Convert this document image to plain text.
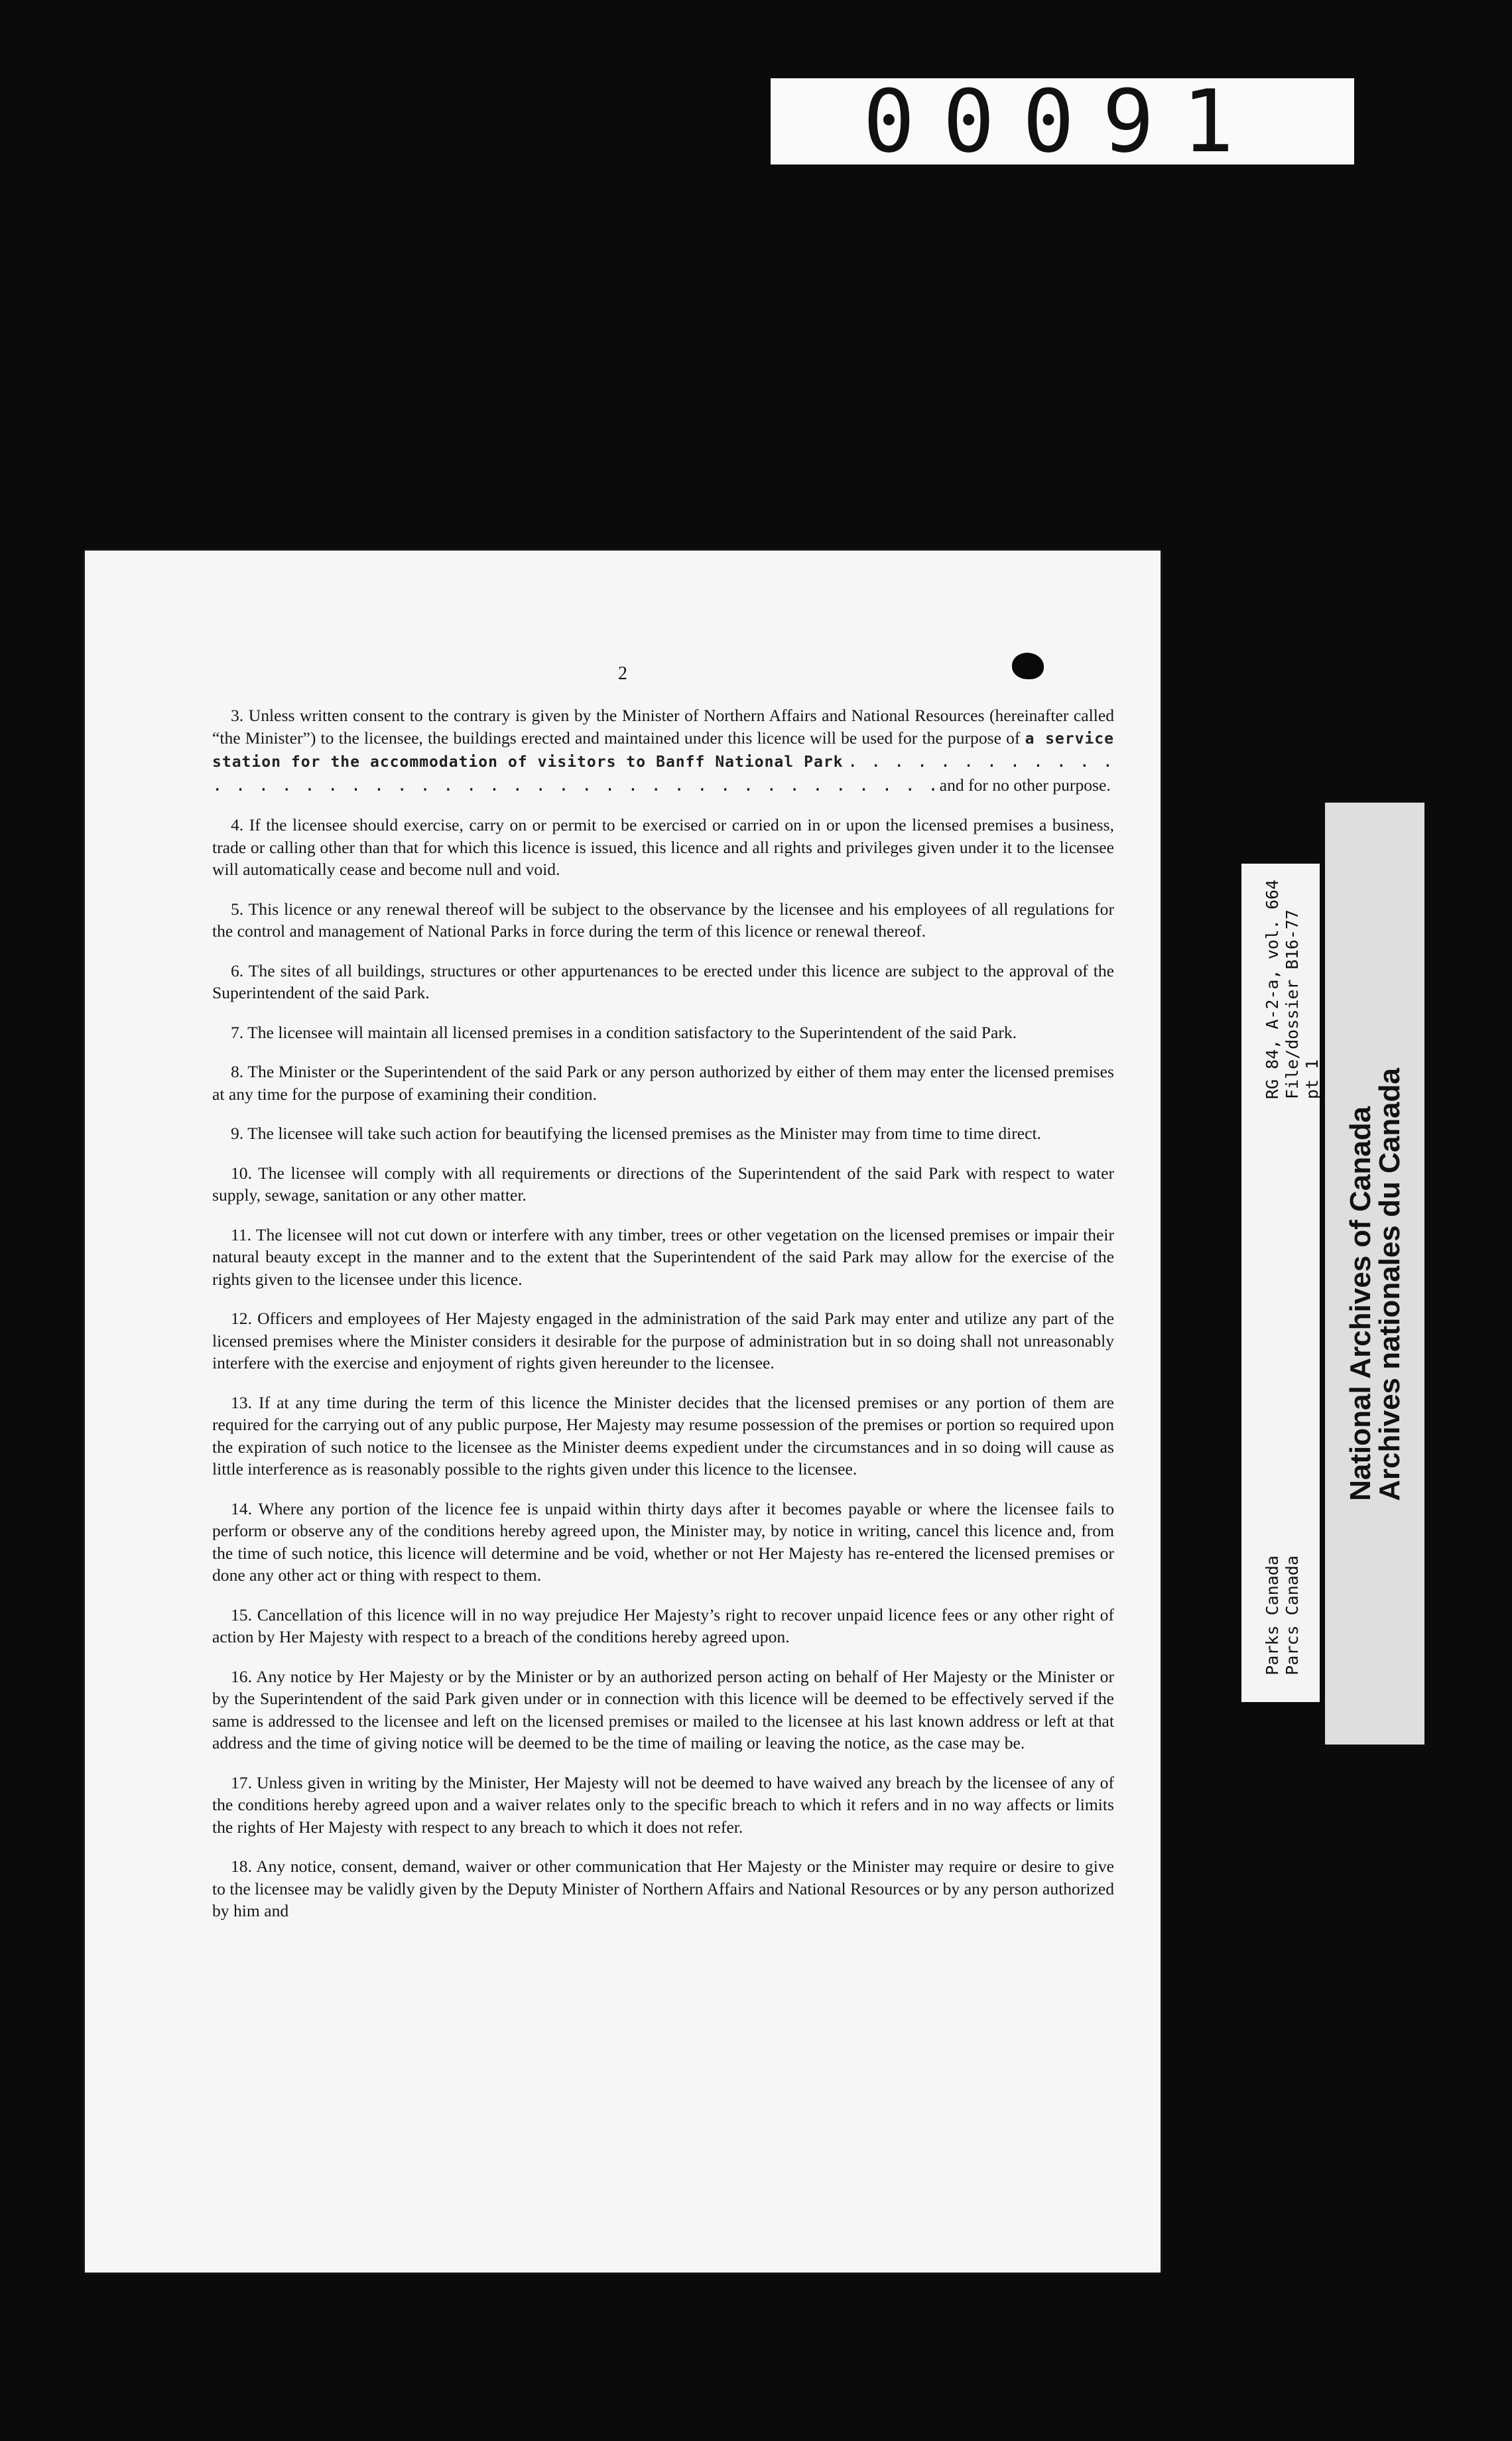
00091
2

3. Unless written consent to the contrary is given by the Minister of Northern Affairs and National Resources (hereinafter called “the Minister”) to the licensee, the buildings erected and maintained under this licence will be used for the purpose of a service station for the accommodation of visitors to Banff National Park . . . . . . . . . . . . . . . . . . . . . . . . . . . . . . . . . . . . . . . . . . . .and for no other purpose.

4. If the licensee should exercise, carry on or permit to be exercised or carried on in or upon the licensed premises a business, trade or calling other than that for which this licence is issued, this licence and all rights and privileges given under it to the licensee will automatically cease and become null and void.

5. This licence or any renewal thereof will be subject to the observance by the licensee and his employees of all regulations for the control and management of National Parks in force during the term of this licence or renewal thereof.

6. The sites of all buildings, structures or other appurtenances to be erected under this licence are subject to the approval of the Superintendent of the said Park.

7. The licensee will maintain all licensed premises in a condition satisfactory to the Superintendent of the said Park.

8. The Minister or the Superintendent of the said Park or any person authorized by either of them may enter the licensed premises at any time for the purpose of examining their condition.

9. The licensee will take such action for beautifying the licensed premises as the Minister may from time to time direct.

10. The licensee will comply with all requirements or directions of the Superintendent of the said Park with respect to water supply, sewage, sanitation or any other matter.

11. The licensee will not cut down or interfere with any timber, trees or other vegetation on the licensed premises or impair their natural beauty except in the manner and to the extent that the Superintendent of the said Park may allow for the exercise of the rights given to the licensee under this licence.

12. Officers and employees of Her Majesty engaged in the administration of the said Park may enter and utilize any part of the licensed premises where the Minister considers it desirable for the purpose of administration but in so doing shall not unreasonably interfere with the exercise and enjoyment of rights given hereunder to the licensee.

13. If at any time during the term of this licence the Minister decides that the licensed premises or any portion of them are required for the carrying out of any public purpose, Her Majesty may resume possession of the premises or portion so required upon the expiration of such notice to the licensee as the Minister deems expedient under the circumstances and in so doing will cause as little interference as is reasonably possible to the rights given under this licence to the licensee.

14. Where any portion of the licence fee is unpaid within thirty days after it becomes payable or where the licensee fails to perform or observe any of the conditions hereby agreed upon, the Minister may, by notice in writing, cancel this licence and, from the time of such notice, this licence will determine and be void, whether or not Her Majesty has re-entered the licensed premises or done any other act or thing with respect to them.

15. Cancellation of this licence will in no way prejudice Her Majesty’s right to recover unpaid licence fees or any other right of action by Her Majesty with respect to a breach of the conditions hereby agreed upon.

16. Any notice by Her Majesty or by the Minister or by an authorized person acting on behalf of Her Majesty or the Minister or by the Superintendent of the said Park given under or in connection with this licence will be deemed to be effectively served if the same is addressed to the licensee and left on the licensed premises or mailed to the licensee at his last known address or left at that address and the time of giving notice will be deemed to be the time of mailing or leaving the notice, as the case may be.

17. Unless given in writing by the Minister, Her Majesty will not be deemed to have waived any breach by the licensee of any of the conditions hereby agreed upon and a waiver relates only to the specific breach to which it refers and in no way affects or limits the rights of Her Majesty with respect to any breach to which it does not refer.

18. Any notice, consent, demand, waiver or other communication that Her Majesty or the Minister may require or desire to give to the licensee may be validly given by the Deputy Minister of Northern Affairs and National Resources or by any person authorized by him and

RG 84, A-2-a, vol. 664
File/dossier B16-77
pt 1
Parks Canada
Parcs Canada
National Archives of Canada
Archives nationales du Canada
